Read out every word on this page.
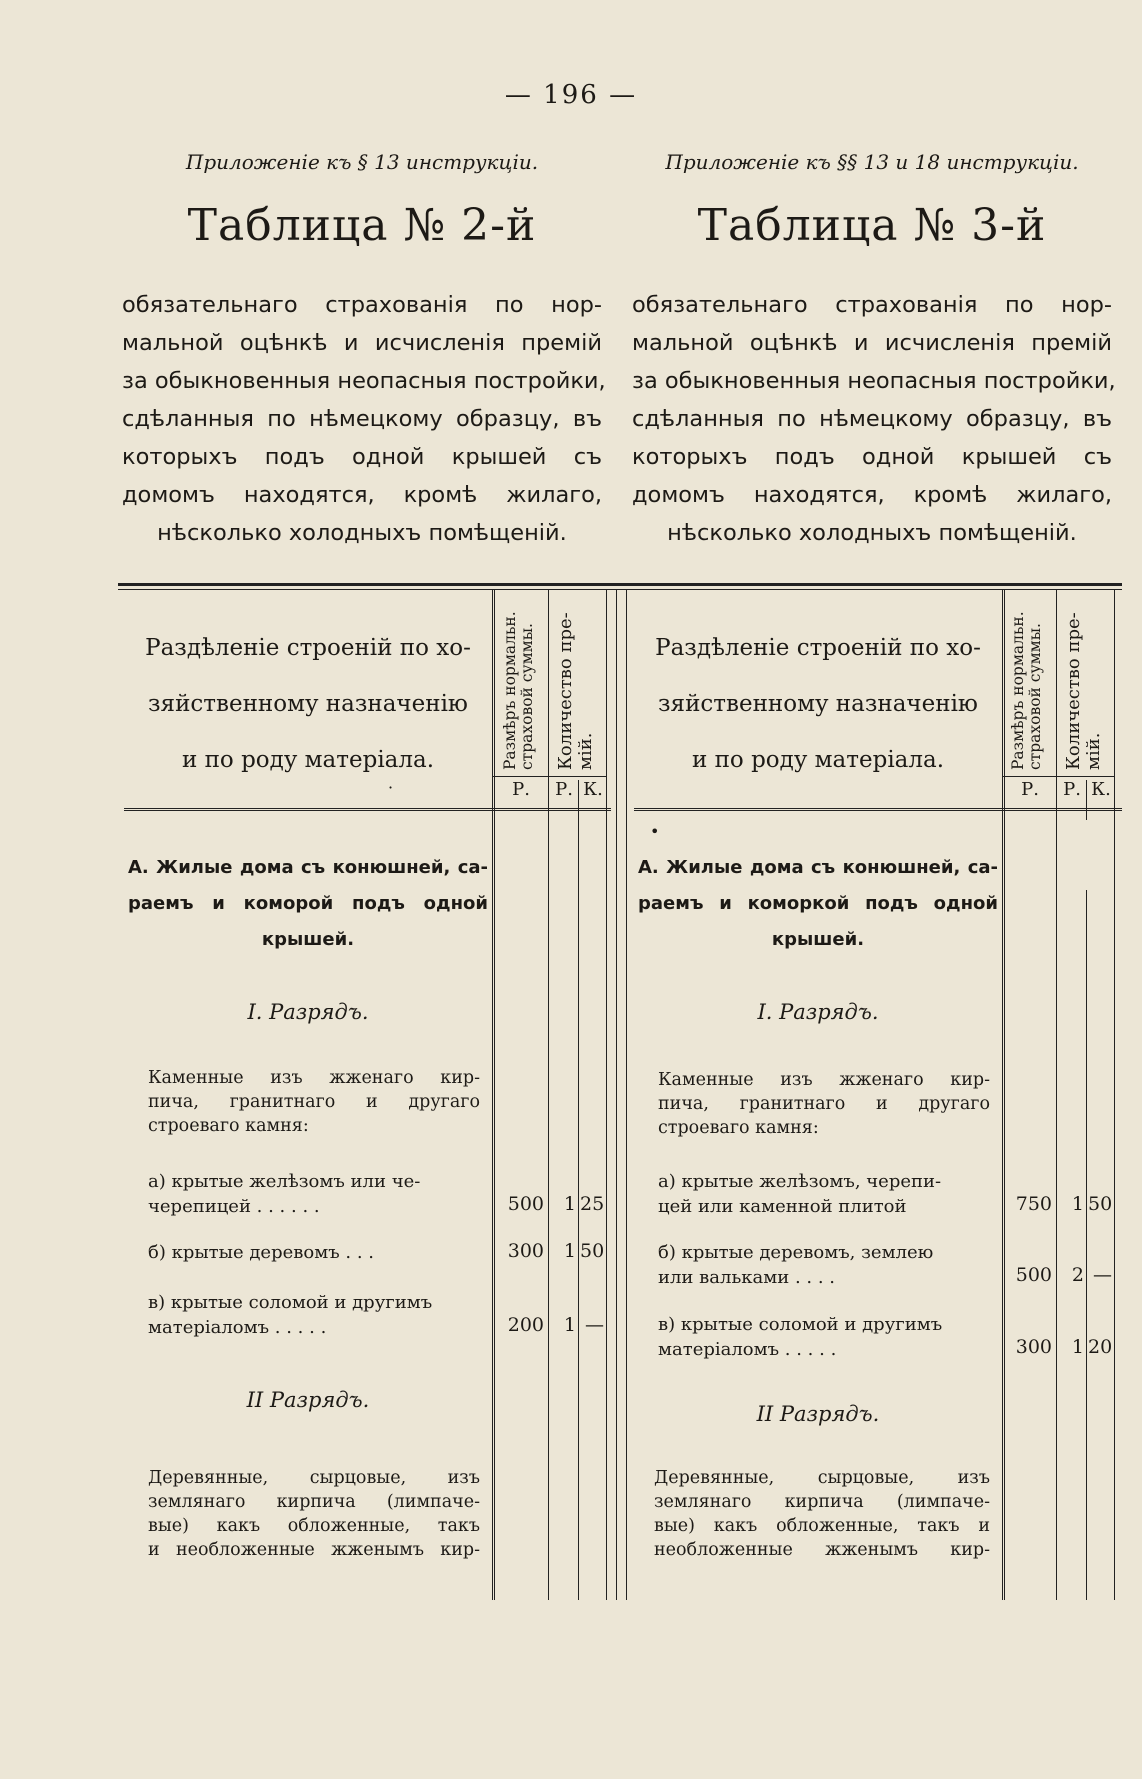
— 196 —
Приложеніе къ § 13 инструкціи.
Таблица № 2-й
обязательнаго страхованія по нор-
мальной оцѣнкѣ и исчисленія премій
за обыкновенныя неопасныя постройки,
сдѣланныя по нѣмецкому образцу, въ
которыхъ подъ одной крышей съ
домомъ находятся, кромѣ жилаго,
нѣсколько холодныхъ помѣщеній.
Приложеніе къ §§ 13 и 18 инструкціи.
Таблица № 3-й
обязательнаго страхованія по нор-
мальной оцѣнкѣ и исчисленія премій
за обыкновенныя неопасныя постройки,
сдѣланныя по нѣмецкому образцу, въ
которыхъ подъ одной крышей съ
домомъ находятся, кромѣ жилаго,
нѣсколько холодныхъ помѣщеній.
Раздѣленіе строеній по хо-
зяйственному назначенію
и по роду матеріала.	Размѣръ нормальн. страховой суммы.	Количество пре- мій.
Р.	Р. К.
·
А. Жилые дома съ конюшней, са-
раемъ и коморой подъ одной
крышей.
I. Разрядъ.
Каменные изъ жженаго кир-
пича, гранитнаго и другаго
строеваго камня:
а) крытые желѣзомъ или че-
черепицей . . . . . .	500	1 25
б) крытые деревомъ . . .	300	1 50
в) крытые соломой и другимъ
матеріаломъ . . . . .	200	1 —
II Разрядъ.
Деревянные, сырцовые, изъ
землянаго кирпича (лимпаче-
вые) какъ обложенные, такъ
и необложенные жженымъ кир-
Раздѣленіе строеній по хо-
зяйственному назначенію
и по роду матеріала.	Размѣръ нормальн. страховой суммы.	Количество пре- мій.
Р.	Р. К.
•
А. Жилые дома съ конюшней, са-
раемъ и коморкой подъ одной
крышей.
I. Разрядъ.
Каменные изъ жженаго кир-
пича, гранитнаго и другаго
строеваго камня:
а) крытые желѣзомъ, черепи-
цей или каменной плитой	750	1 50
б) крытые деревомъ, землею
или вальками . . . .	500	2 —
в) крытые соломой и другимъ
матеріаломъ . . . . .	300	1 20
II Разрядъ.
Деревянные, сырцовые, изъ
землянаго кирпича (лимпаче-
вые) какъ обложенные, такъ и
необложенные жженымъ кир-
